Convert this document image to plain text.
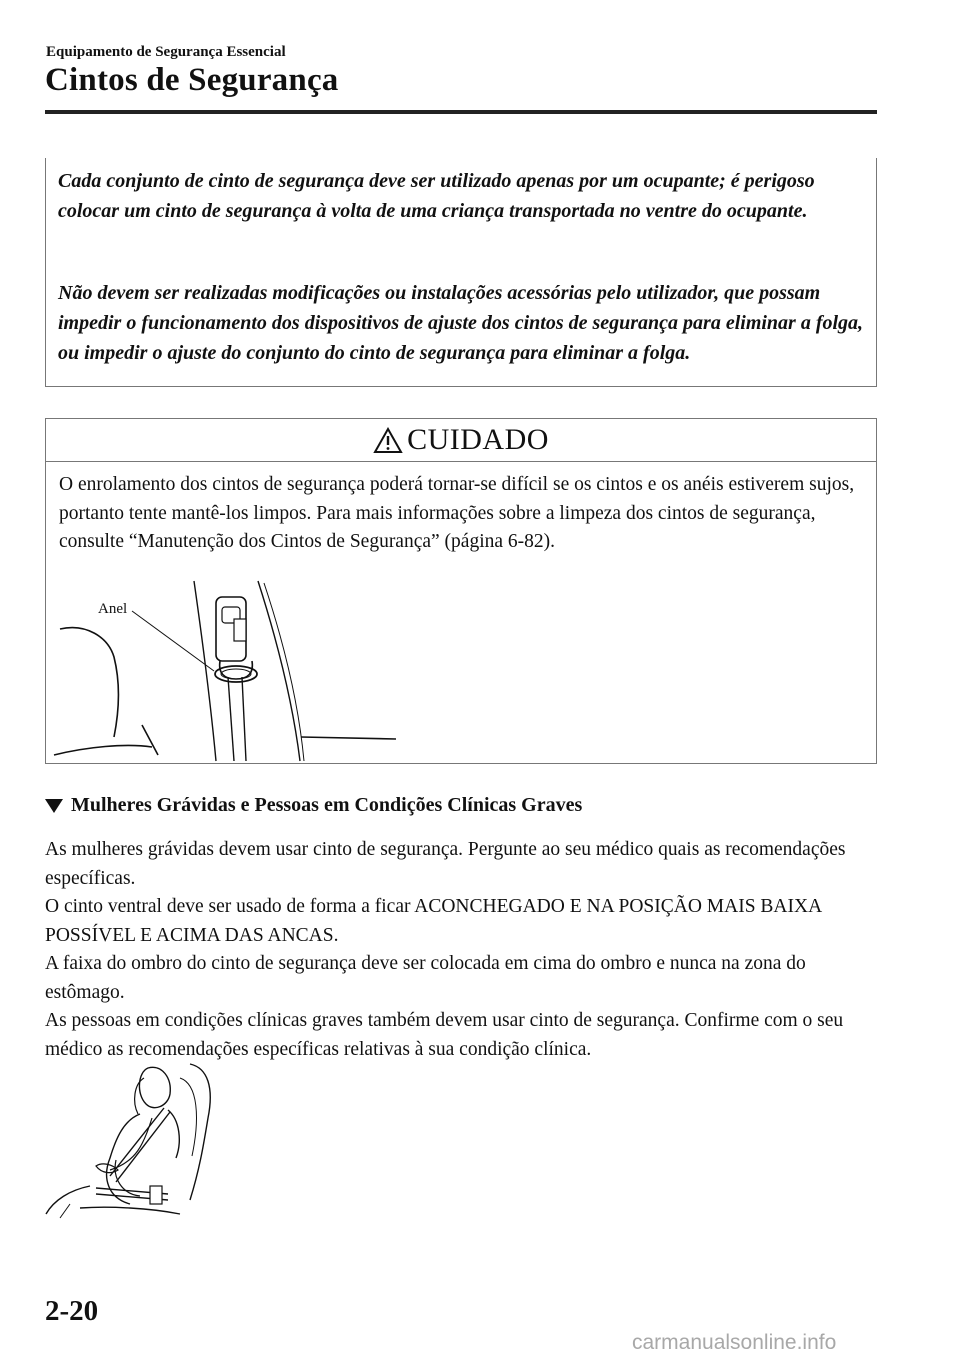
Equipamento de Segurança Essencial
Cintos de Segurança

Cada conjunto de cinto de segurança deve ser utilizado apenas por um ocupante; é perigoso colocar um cinto de segurança à volta de uma criança transportada no ventre do ocupante.

Não devem ser realizadas modificações ou instalações acessórias pelo utilizador, que possam impedir o funcionamento dos dispositivos de ajuste dos cintos de segurança para eliminar a folga, ou impedir o ajuste do conjunto do cinto de segurança para eliminar a folga.

CUIDADO

O enrolamento dos cintos de segurança poderá tornar-se difícil se os cintos e os anéis estiverem sujos, portanto tente mantê-los limpos. Para mais informações sobre a limpeza dos cintos de segurança, consulte “Manutenção dos Cintos de Segurança” (página 6-82).

Anel
Mulheres Grávidas e Pessoas em Condições Clínicas Graves

As mulheres grávidas devem usar cinto de segurança. Pergunte ao seu médico quais as recomendações específicas.

O cinto ventral deve ser usado de forma a ficar ACONCHEGADO E NA POSIÇÃO MAIS BAIXA POSSÍVEL E ACIMA DAS ANCAS.

A faixa do ombro do cinto de segurança deve ser colocada em cima do ombro e nunca na zona do estômago.

As pessoas em condições clínicas graves também devem usar cinto de segurança. Confirme com o seu médico as recomendações específicas relativas à sua condição clínica.

2-20
carmanualsonline.info
